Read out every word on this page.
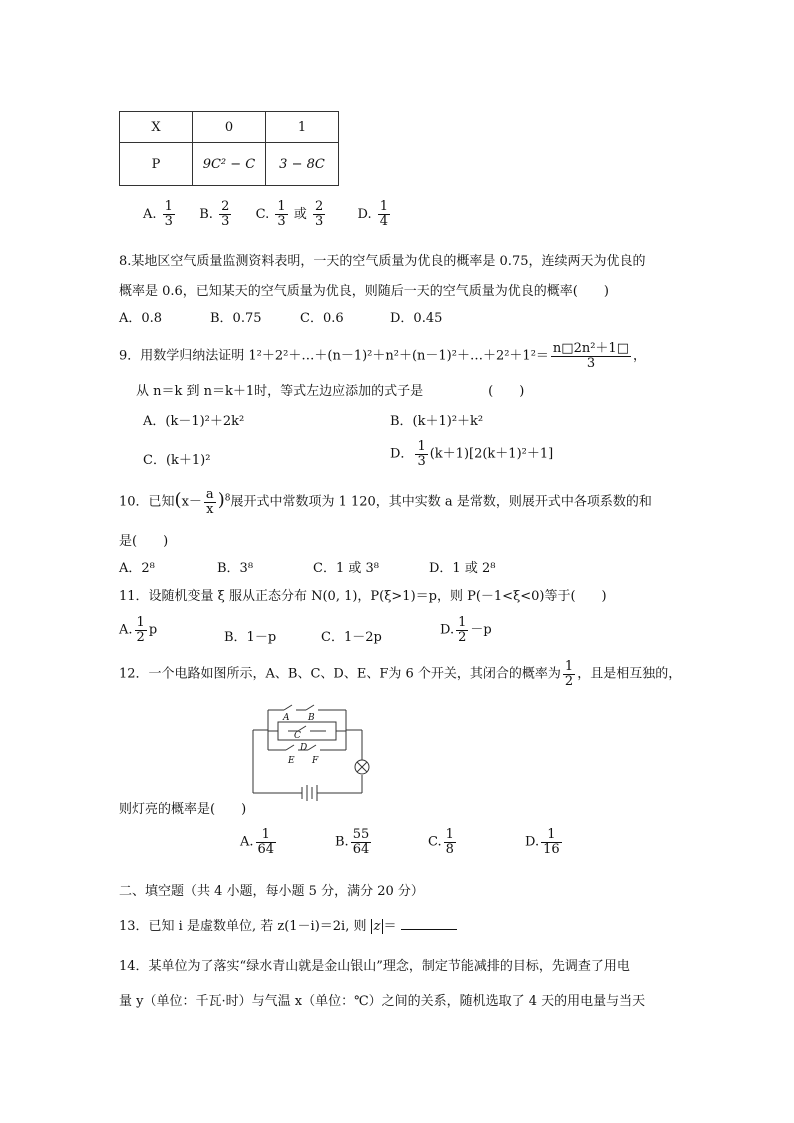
X	0	1
P	9C² − C	3 − 8C
A. $\frac{1}{3} B$. $\frac{2}{3} C$. $\frac{1}{3}$ 或 $\frac{2}{3} D$. $\frac{1}{4}$
8.某地区空气质量监测资料表明，一天的空气质量为优良的概率是 0.75，连续两天为优良的
概率是 0.6，已知某天的空气质量为优良，则随后一天的空气质量为优良的概率(　　)
A．0.8	B．0.75	C．0.6	D．0.45
9．用数学归纳法证明 1²＋2²＋…＋(n－1)²＋n²＋(n－1)²＋…＋2²＋1²＝ $\frac{\text{n□2n²＋1□}}{3}$ ，
从 n＝k 到 n＝k＋1时，等式左边应添加的式子是　　　　　(　　)
A．(k－1)²＋2k²	B．(k＋1)²＋k²
C．(k＋1)²	D． $\frac{1}{3} (k+1)[2(k+1)^2+1]$
10．已知$(x- \frac{a}{x} )^8$展开式中常数项为 1 120，其中实数 a 是常数，则展开式中各项系数的和
是(　　)
A．2⁸	B．3⁸	C．1 或 3⁸	D．1 或 2⁸
11．设随机变量 ξ 服从正态分布 N(0, 1)，P(ξ>1)＝p，则 P(－1<ξ<0)等于(　　)
A. $\frac{1}{2}$ p	B．1－p	C．1－2p	D. $\frac{1}{2} -p$
12．一个电路如图所示，A、B、C、D、E、F为 6 个开关，其闭合的概率为 $\frac{1}{2}$ ，且是相互独的，
A B
C
D
E F
则灯亮的概率是(　　)
A. $\frac{1}{64}$	B. $\frac{55}{64}$	C. $\frac{1}{8}$	D. $\frac{1}{16}$
二、填空题（共 4 小题，每小题 5 分，满分 20 分）
13．已知 i 是虚数单位, 若 z(1－i)＝2i, 则 z ＝
14．某单位为了落实“绿水青山就是金山银山”理念，制定节能减排的目标，先调查了用电
量 y（单位：千瓦·时）与气温 x（单位：℃）之间的关系，随机选取了 4 天的用电量与当天
